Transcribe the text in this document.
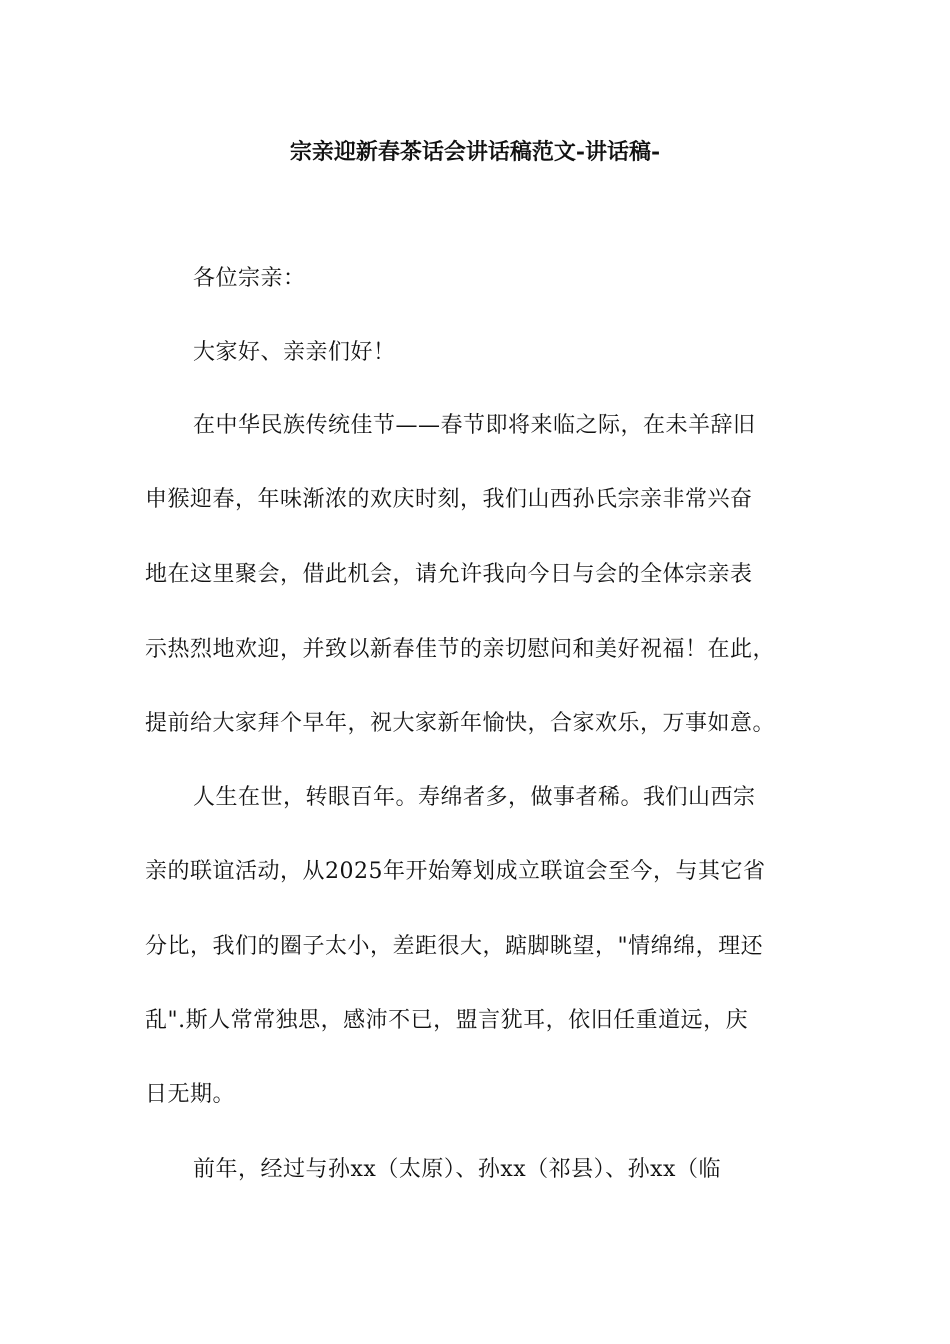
宗亲迎新春茶话会讲话稿范文-讲话稿-
各位宗亲：
大家好、亲亲们好！
在中华民族传统佳节——春节即将来临之际，在未羊辞旧
申猴迎春，年味渐浓的欢庆时刻，我们山西孙氏宗亲非常兴奋
地在这里聚会，借此机会，请允许我向今日与会的全体宗亲表
示热烈地欢迎，并致以新春佳节的亲切慰问和美好祝福！在此，
提前给大家拜个早年，祝大家新年愉快，合家欢乐，万事如意。
人生在世，转眼百年。寿绵者多，做事者稀。我们山西宗
亲的联谊活动，从2025年开始筹划成立联谊会至今，与其它省
分比，我们的圈子太小，差距很大，踮脚眺望，"情绵绵，理还
乱".斯人常常独思，感沛不已，盟言犹耳，依旧任重道远，庆
日无期。
前年，经过与孙xx（太原）、孙xx（祁县）、孙xx（临
